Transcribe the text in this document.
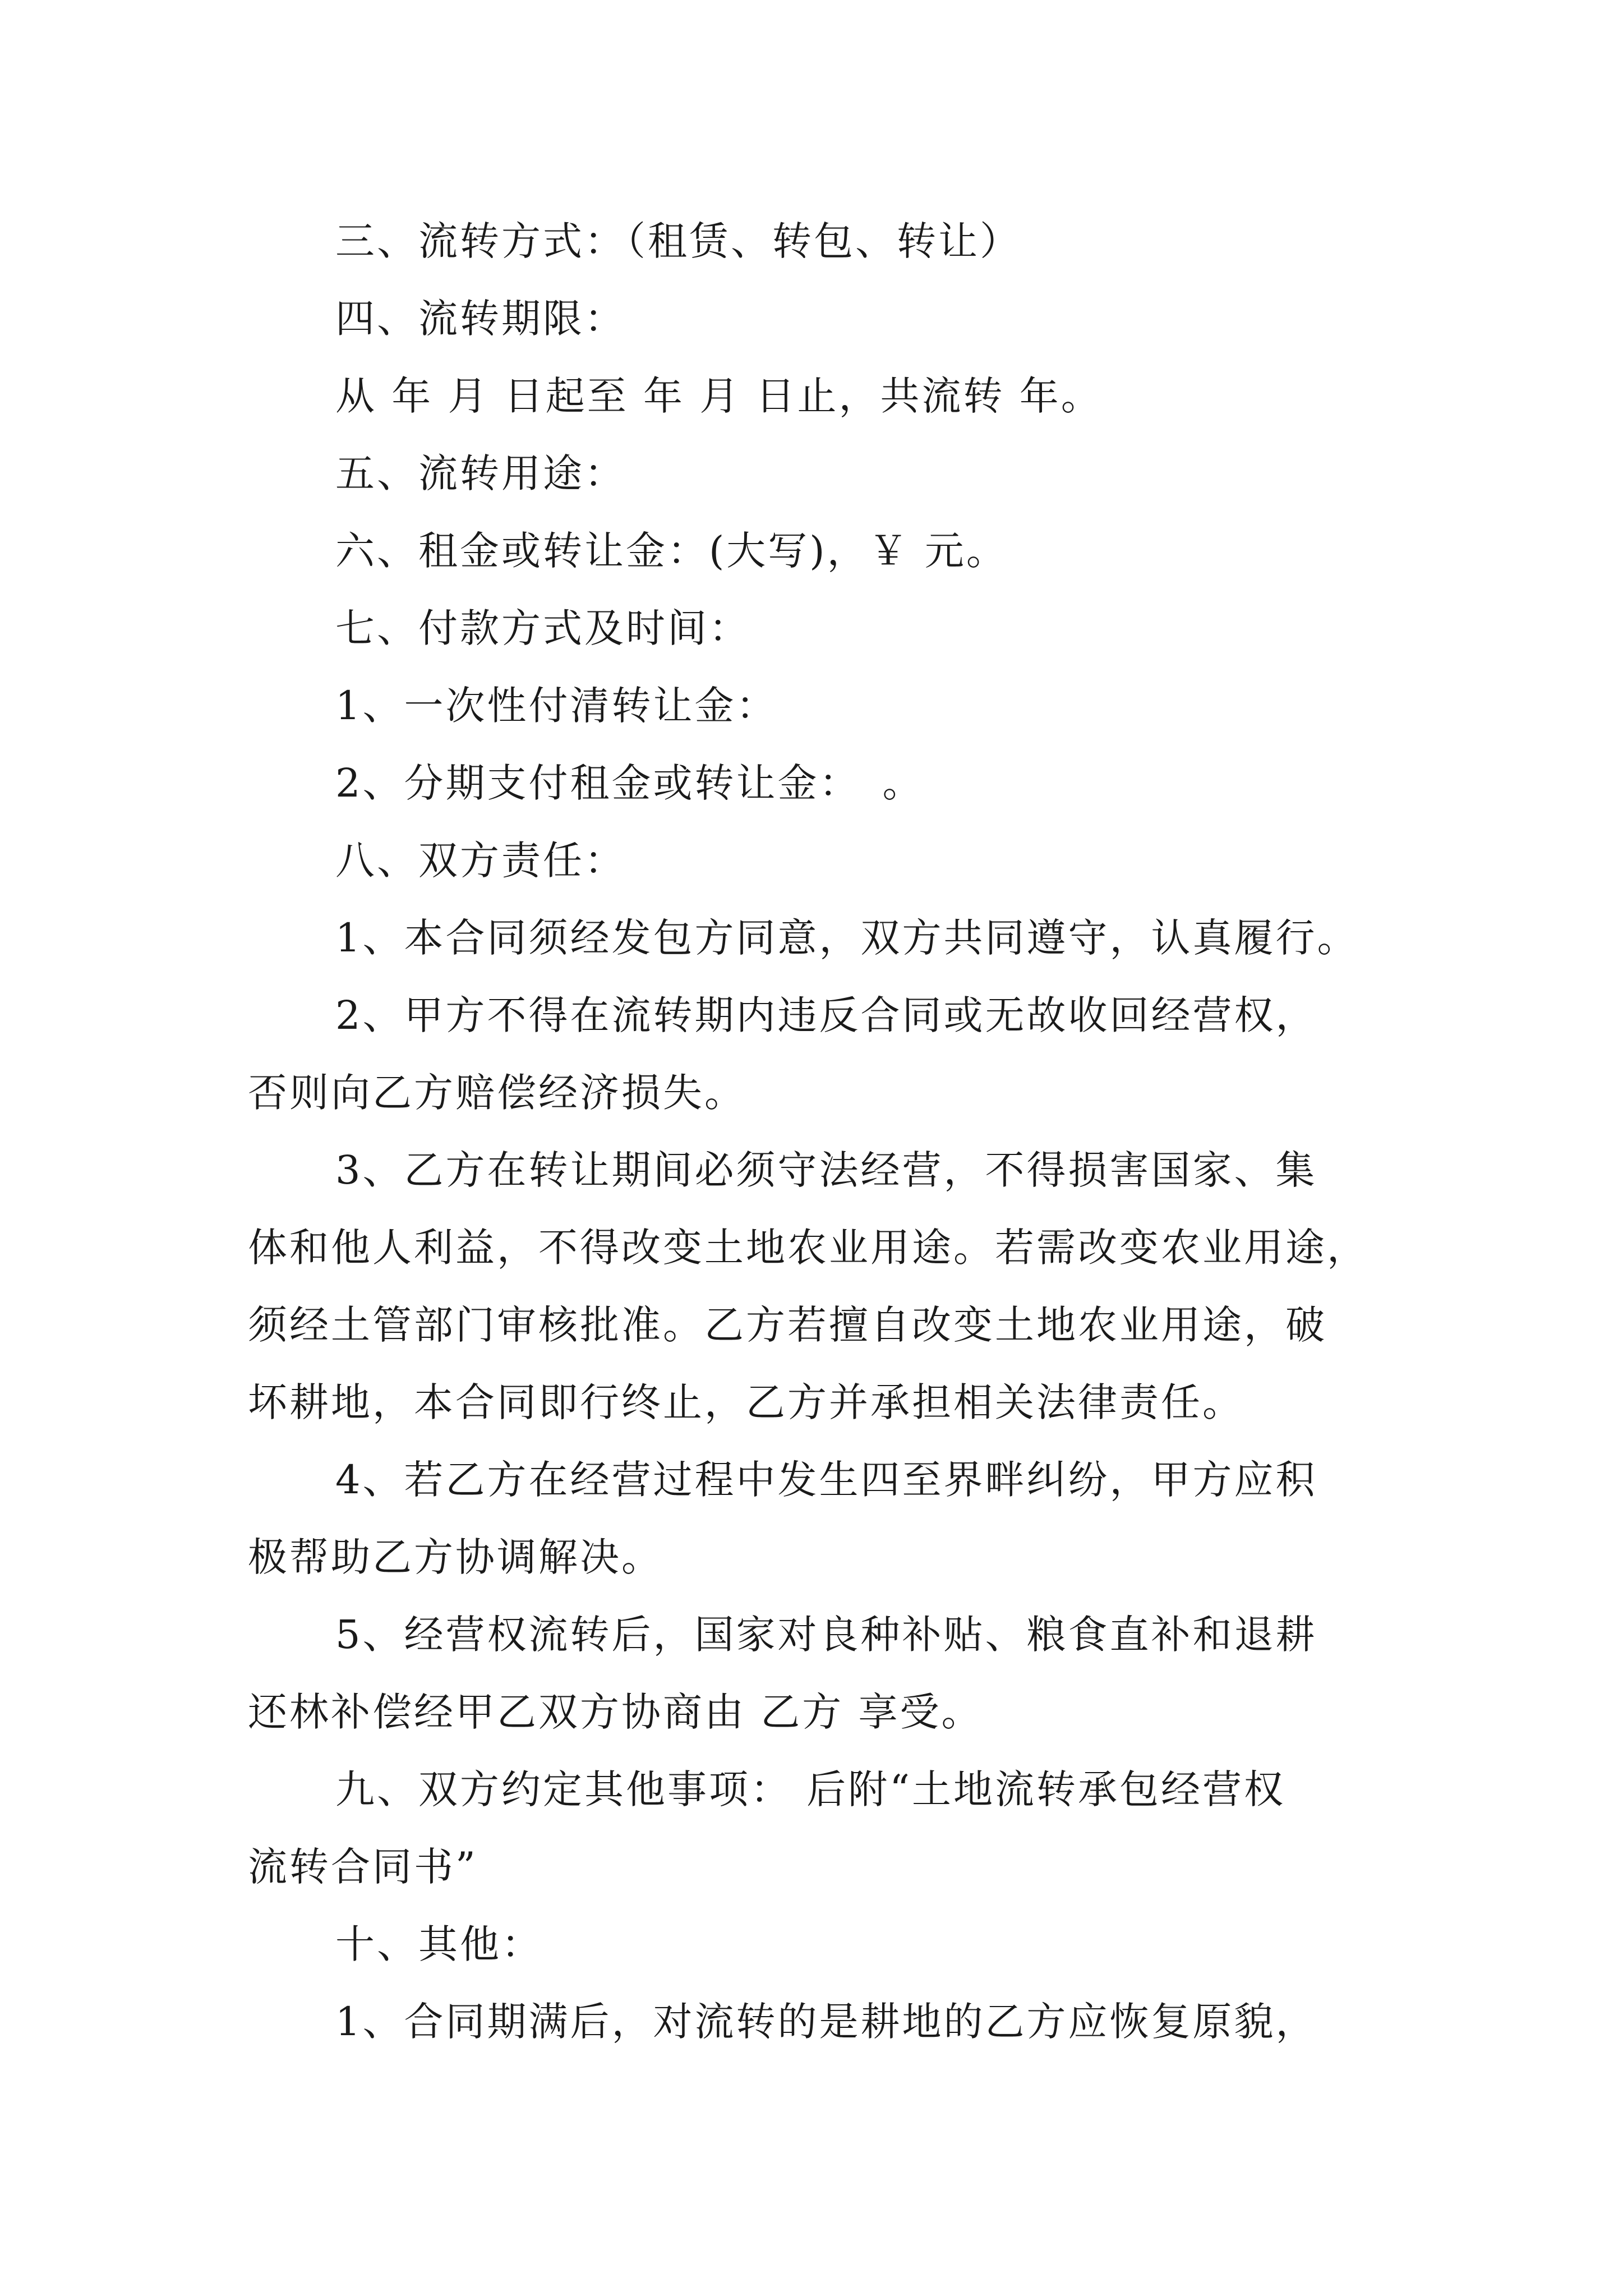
三、流转方式：（租赁、转包、转让）

四、流转期限：

从 年 月 日起至 年 月 日止，共流转 年。

五、流转用途：

六、租金或转让金：(大写)，￥ 元。

七、付款方式及时间：

1、一次性付清转让金：

2、分期支付租金或转让金：　。

八、双方责任：

1、本合同须经发包方同意，双方共同遵守，认真履行。

2、甲方不得在流转期内违反合同或无故收回经营权，

否则向乙方赔偿经济损失。

3、乙方在转让期间必须守法经营，不得损害国家、集

体和他人利益，不得改变土地农业用途。若需改变农业用途，

须经土管部门审核批准。乙方若擅自改变土地农业用途，破

坏耕地，本合同即行终止，乙方并承担相关法律责任。

4、若乙方在经营过程中发生四至界畔纠纷，甲方应积

极帮助乙方协调解决。

5、经营权流转后，国家对良种补贴、粮食直补和退耕

还林补偿经甲乙双方协商由 乙方 享受。

九、双方约定其他事项： 后附“土地流转承包经营权

流转合同书”

十、其他：

1、合同期满后，对流转的是耕地的乙方应恢复原貌，
